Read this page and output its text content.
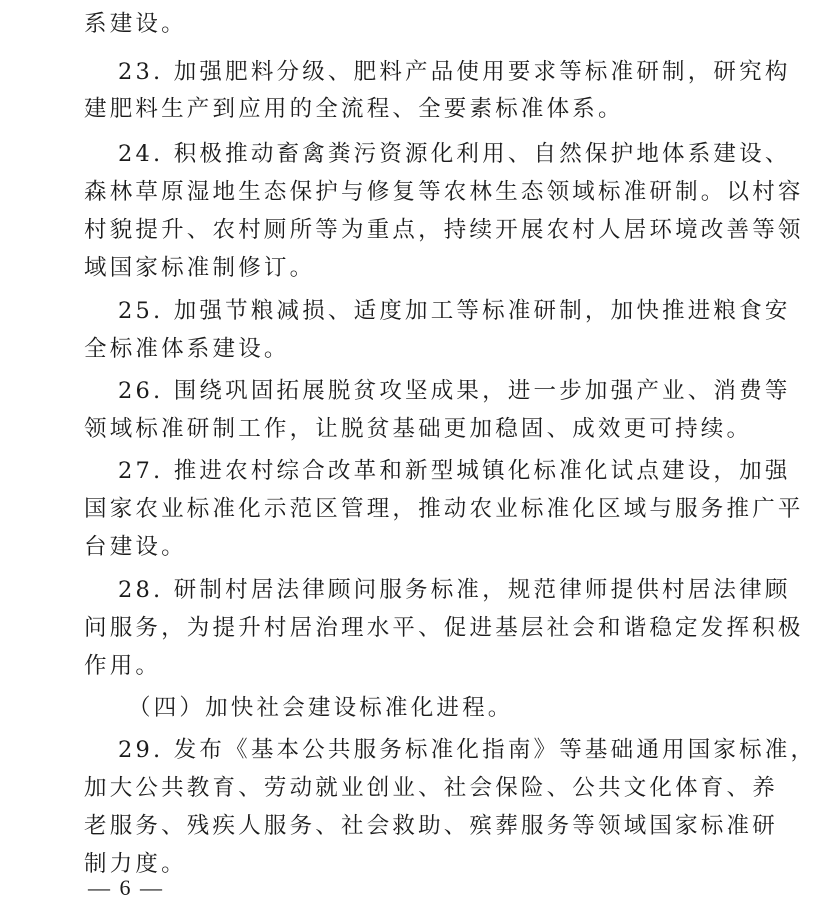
系建设。
23. 加强肥料分级、肥料产品使用要求等标准研制，研究构
建肥料生产到应用的全流程、全要素标准体系。
24. 积极推动畜禽粪污资源化利用、自然保护地体系建设、
森林草原湿地生态保护与修复等农林生态领域标准研制。以村容
村貌提升、农村厕所等为重点，持续开展农村人居环境改善等领
域国家标准制修订。
25. 加强节粮减损、适度加工等标准研制，加快推进粮食安
全标准体系建设。
26. 围绕巩固拓展脱贫攻坚成果，进一步加强产业、消费等
领域标准研制工作，让脱贫基础更加稳固、成效更可持续。
27. 推进农村综合改革和新型城镇化标准化试点建设，加强
国家农业标准化示范区管理，推动农业标准化区域与服务推广平
台建设。
28. 研制村居法律顾问服务标准，规范律师提供村居法律顾
问服务，为提升村居治理水平、促进基层社会和谐稳定发挥积极
作用。
（四）加快社会建设标准化进程。
29. 发布《基本公共服务标准化指南》等基础通用国家标准，
加大公共教育、劳动就业创业、社会保险、公共文化体育、养
老服务、残疾人服务、社会救助、殡葬服务等领域国家标准研
制力度。
— 6 —
